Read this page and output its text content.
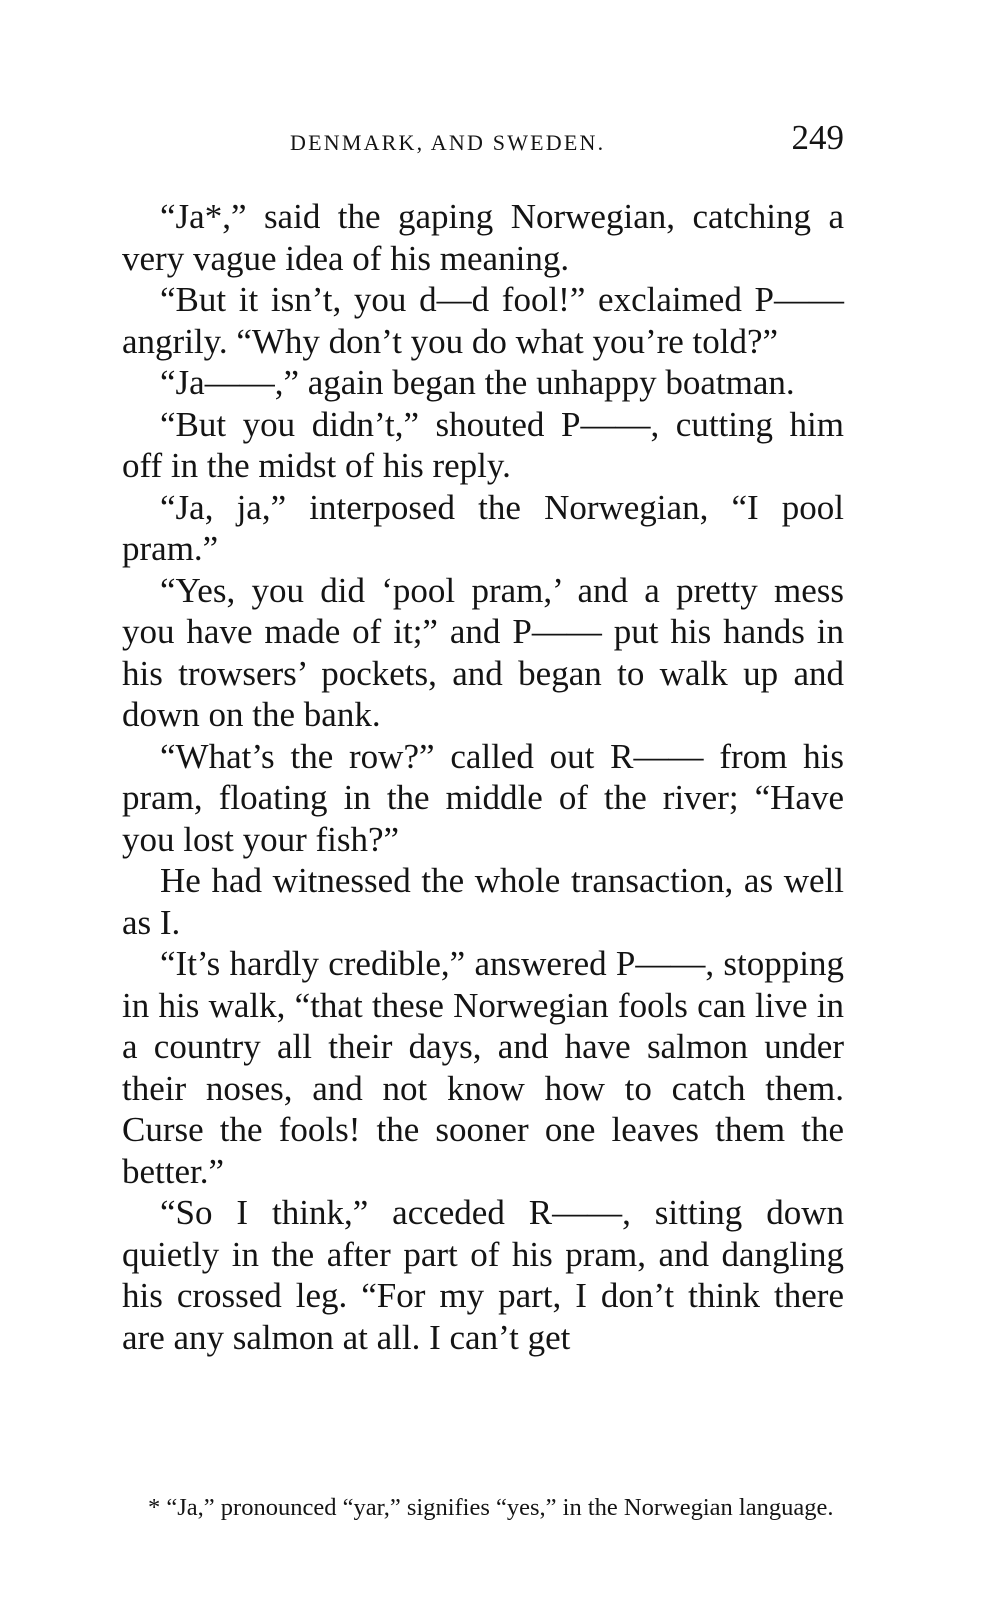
DENMARK, AND SWEDEN.	249

“Ja*,” said the gaping Norwegian, catching a very vague idea of his meaning.

“But it isn’t, you d—d fool!” exclaimed P—— angrily. “Why don’t you do what you’re told?”

“Ja——,” again began the unhappy boatman.

“But you didn’t,” shouted P——, cutting him off in the midst of his reply.

“Ja, ja,” interposed the Norwegian, “I pool pram.”

“Yes, you did ‘pool pram,’ and a pretty mess you have made of it;” and P—— put his hands in his trowsers’ pockets, and began to walk up and down on the bank.

“What’s the row?” called out R—— from his pram, floating in the middle of the river; “Have you lost your fish?”

He had witnessed the whole transaction, as well as I.

“It’s hardly credible,” answered P——, stopping in his walk, “that these Norwegian fools can live in a country all their days, and have salmon under their noses, and not know how to catch them. Curse the fools! the sooner one leaves them the better.”

“So I think,” acceded R——, sitting down quietly in the after part of his pram, and dangling his crossed leg. “For my part, I don’t think there are any salmon at all. I can’t get

* “Ja,” pronounced “yar,” signifies “yes,” in the Norwegian language.
